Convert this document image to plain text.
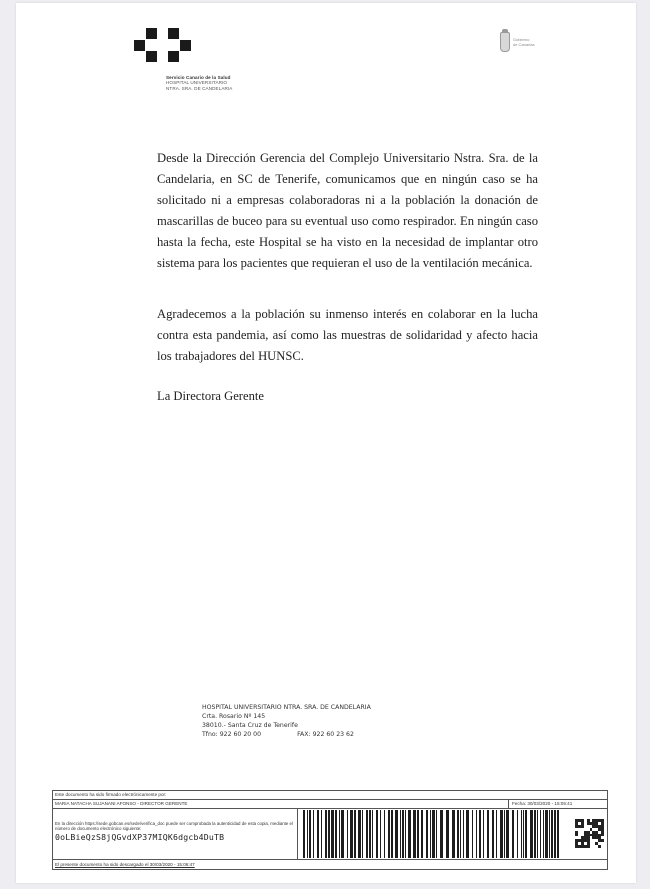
Servicio Canario de la Salud
HOSPITAL UNIVERSITARIO
NTRA. SRA. DE CANDELARIA
Gobierno
de Canarias

Desde la Dirección Gerencia del Complejo Universitario Nstra. Sra. de la Candelaria, en SC de Tenerife, comunicamos que en ningún caso se ha solicitado ni a empresas colaboradoras ni a la población la donación de mascarillas de buceo para su eventual uso como respirador. En ningún caso hasta la fecha, este Hospital se ha visto en la necesidad de implantar otro sistema para los pacientes que requieran el uso de la ventilación mecánica.

Agradecemos a la población su inmenso interés en colaborar en la lucha contra esta pandemia, así como las muestras de solidaridad y afecto hacia los trabajadores del HUNSC.

La Directora Gerente
HOSPITAL UNIVERSITARIO NTRA. SRA. DE CANDELARIA
Crta. Rosario Nº 145
38010.- Santa Cruz de Tenerife
Tfno: 922 60 20 00	FAX: 922 60 23 62
Este documento ha sido firmado electrónicamente por:
MARIA NATACHA SUJANANI AFONSO - DIRECTOR GERENTE	Fecha: 30/03/2020 - 15:05:41
En la dirección https://sede.gobcan.es/sede/verifica_doc puede ser comprobada la autenticidad de esta copia, mediante el número de documento electrónico siguiente:
0oLBieQzS8jQGvdXP37MIQK6dgcb4DuTB
El presente documento ha sido descargado el 30/03/2020 - 15:06:47
